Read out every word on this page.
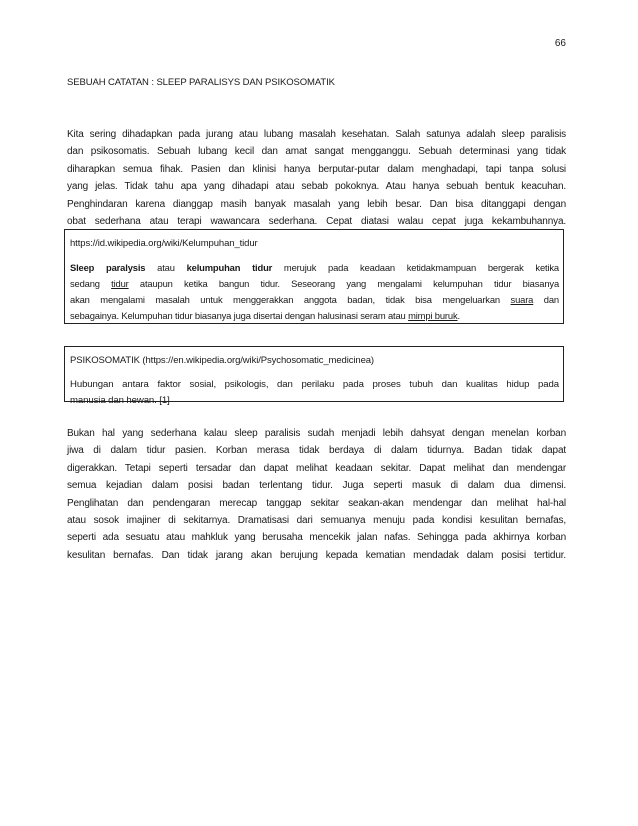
66
SEBUAH CATATAN : SLEEP PARALISYS DAN PSIKOSOMATIK
Kita sering dihadapkan pada jurang atau lubang masalah kesehatan. Salah satunya adalah sleep paralisis
dan psikosomatis. Sebuah lubang kecil dan amat sangat mengganggu. Sebuah determinasi yang tidak
diharapkan semua fihak. Pasien dan klinisi hanya berputar-putar dalam menghadapi, tapi tanpa solusi
yang jelas. Tidak tahu apa yang dihadapi atau sebab pokoknya. Atau hanya sebuah bentuk keacuhan.
Penghindaran karena dianggap masih banyak masalah yang lebih besar. Dan bisa ditanggapi dengan
obat sederhana atau terapi wawancara sederhana. Cepat diatasi walau cepat juga kekambuhannya.
https://id.wikipedia.org/wiki/Kelumpuhan_tidur
Sleep paralysis atau kelumpuhan tidur merujuk pada keadaan ketidakmampuan bergerak ketika
sedang tidur ataupun ketika bangun tidur. Seseorang yang mengalami kelumpuhan tidur biasanya
akan mengalami masalah untuk menggerakkan anggota badan, tidak bisa mengeluarkan suara dan
sebagainya. Kelumpuhan tidur biasanya juga disertai dengan halusinasi seram atau mimpi buruk.
PSIKOSOMATIK (https://en.wikipedia.org/wiki/Psychosomatic_medicinea)
Hubungan antara faktor sosial, psikologis, dan perilaku pada proses tubuh dan kualitas hidup pada
manusia dan hewan. [1]
Bukan hal yang sederhana kalau sleep paralisis sudah menjadi lebih dahsyat dengan menelan korban
jiwa di dalam tidur pasien. Korban merasa tidak berdaya di dalam tidurnya. Badan tidak dapat
digerakkan. Tetapi seperti tersadar dan dapat melihat keadaan sekitar. Dapat melihat dan mendengar
semua kejadian dalam posisi badan terlentang tidur. Juga seperti masuk di dalam dua dimensi.
Penglihatan dan pendengaran merecap tanggap sekitar seakan-akan mendengar dan melihat hal-hal
atau sosok imajiner di sekitarnya. Dramatisasi dari semuanya menuju pada kondisi kesulitan bernafas,
seperti ada sesuatu atau mahkluk yang berusaha mencekik jalan nafas. Sehingga pada akhirnya korban
kesulitan bernafas. Dan tidak jarang akan berujung kepada kematian mendadak dalam posisi tertidur.
